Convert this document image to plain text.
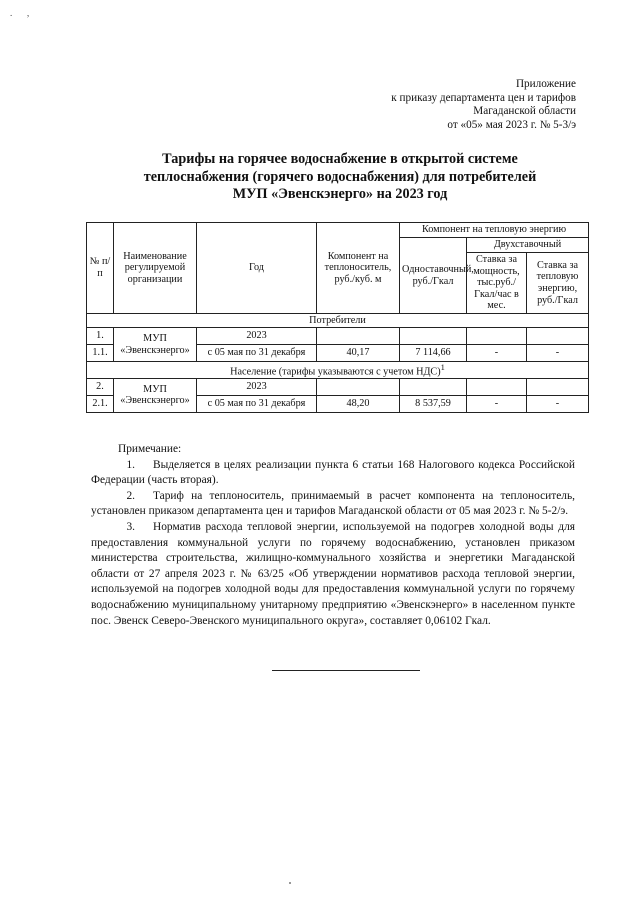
. ‚
Приложение
к приказу департамента цен и тарифов
Магаданской области
от «05» мая 2023 г. № 5-3/э
Тарифы на горячее водоснабжение в открытой системе
теплоснабжения (горячего водоснабжения) для потребителей
МУП «Эвенскэнерго» на 2023 год
№ п/п	Наименование регулируемой организации	Год	Компонент на теплоноситель, руб./куб. м	Компонент на тепловую энергию		
				Одноставочный, руб./Гкал	Двухставочный	
					Ставка за мощность, тыс.руб./ Гкал/час в мес.	Ставка за тепловую энергию, руб./Гкал
Потребители						
1.	МУП «Эвенскэнерго»	2023				
1.1.		с 05 мая по 31 декабря	40,17	7 114,66	-	-
Население (тарифы указываются с учетом НДС)$^1$
2.	МУП «Эвенскэнерго»	2023				
2.1.		с 05 мая по 31 декабря	48,20	8 537,59	-	-
Примечание:
1. Выделяется в целях реализации пункта 6 статьи 168 Налогового кодекса Российской Федерации (часть вторая).
2. Тариф на теплоноситель, принимаемый в расчет компонента на теплоноситель, установлен приказом департамента цен и тарифов Магаданской области от 05 мая 2023 г. № 5-2/э.
3. Норматив расхода тепловой энергии, используемой на подогрев холодной воды для предоставления коммунальной услуги по горячему водоснабжению, установлен приказом министерства строительства, жилищно-коммунального хозяйства и энергетики Магаданской области от 27 апреля 2023 г. № 63/25 «Об утверждении нормативов расхода тепловой энергии, используемой на подогрев холодной воды для предоставления коммунальной услуги по горячему водоснабжению муниципальному унитарному предприятию «Эвенскэнерго» в населенном пункте пос. Эвенск Северо-Эвенского муниципального округа», составляет 0,06102 Гкал.
